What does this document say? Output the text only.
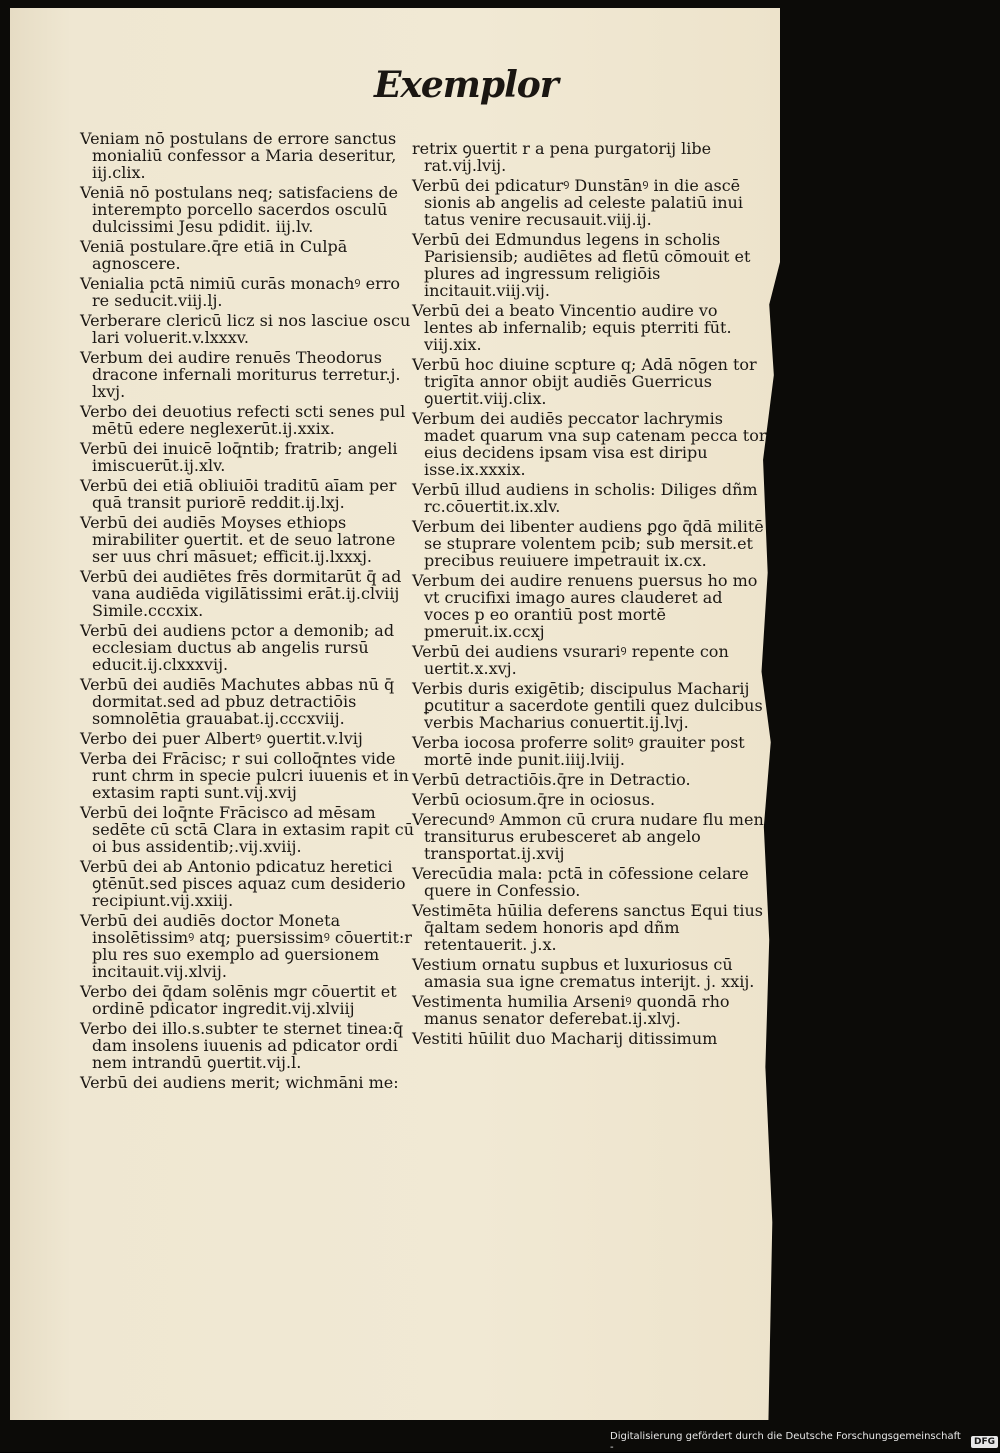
Exemplor
Veniam nō postulans de errore sanctus monialiū confessor a Maria deseritur, iij.clix.
Veniā nō postulans neq; satisfaciens de interempto porcello sacerdos osculū dulcissimi Jesu pdidit. iij.lv.
Veniā postulare.q̄re etiā in Culpā agnoscere.
Venialia pctā nimiū curās monachꝰ erro re seducit.viij.lj.
Verberare clericū licz si nos lasciue oscu lari voluerit.v.lxxxv.
Verbum dei audire renuēs Theodorus dracone infernali moriturus terretur.j. lxvj.
Verbo dei deuotius refecti scti senes pul mētū edere neglexerūt.ij.xxix.
Verbū dei inuicē loq̄ntib; fratrib; angeli imiscuerūt.ij.xlv.
Verbū dei etiā obliuiōi traditū aīam per quā transit puriorē reddit.ij.lxj.
Verbū dei audiēs Moyses ethiops mirabiliter ꝯuertit. et de seuo latrone ser uus chri māsuet; efficit.ij.lxxxj.
Verbū dei audiētes frēs dormitarūt q̄ ad vana audiēda vigilātissimi erāt.ij.clviij Simile.cccxix.
Verbū dei audiens pctor a demonib; ad ecclesiam ductus ab angelis rursū educit.ij.clxxxvij.
Verbū dei audiēs Machutes abbas nū q̄ dormitat.sed ad pbuz detractiōis somnolētia grauabat.ij.cccxviij.
Verbo dei puer Albertꝰ ꝯuertit.v.lvij
Verba dei Frācisc; r sui colloq̄ntes vide runt chrm in specie pulcri iuuenis et in extasim rapti sunt.vij.xvij
Verbū dei loq̄nte Frācisco ad mēsam sedēte cū sctā Clara in extasim rapit cū oi bus assidentib;.vij.xviij.
Verbū dei ab Antonio pdicatuz heretici ꝯtēnūt.sed pisces aquaz cum desiderio recipiunt.vij.xxiij.
Verbū dei audiēs doctor Moneta insolētissimꝰ atq; puersissimꝰ cōuertit:r plu res suo exemplo ad ꝯuersionem incitauit.vij.xlvij.
Verbo dei q̄dam solēnis mgr cōuertit et ordinē pdicator ingredit.vij.xlviij
Verbo dei illo.s.subter te sternet tinea:q̄ dam insolens iuuenis ad pdicator ordi nem intrandū ꝯuertit.vij.l.
Verbū dei audiens merit; wichmāni me:
retrix ꝯuertit r a pena purgatorij libe rat.vij.lvij.
Verbū dei pdicaturꝰ Dunstānꝰ in die ascē sionis ab angelis ad celeste palatiū inui tatus venire recusauit.viij.ij.
Verbū dei Edmundus legens in scholis Parisiensib; audiētes ad fletū cōmouit et plures ad ingressum religiōis incitauit.viij.vij.
Verbū dei a beato Vincentio audire vo lentes ab infernalib; equis pterriti fūt. viij.xix.
Verbū hoc diuine scpture q; Adā nōgen tor trigīta annor obijt audiēs Guerricus ꝯuertit.viij.clix.
Verbum dei audiēs peccator lachrymis madet quarum vna sup catenam pecca tor eius decidens ipsam visa est diripu isse.ix.xxxix.
Verbū illud audiens in scholis: Diliges dñm rc.cōuertit.ix.xlv.
Verbum dei libenter audiens ꝑgo q̄dā militē se stuprare volentem pcib; sub mersit.et precibus reuiuere impetrauit ix.cx.
Verbum dei audire renuens puersus ho mo vt crucifixi imago aures clauderet ad voces p eo orantiū post mortē pmeruit.ix.ccxj
Verbū dei audiens vsurariꝰ repente con uertit.x.xvj.
Verbis duris exigētib; discipulus Macharij ꝑcutitur a sacerdote gentili quez dulcibus verbis Macharius conuertit.ij.lvj.
Verba iocosa proferre solitꝰ grauiter post mortē inde punit.iiij.lviij.
Verbū detractiōis.q̄re in Detractio.
Verbū ociosum.q̄re in ociosus.
Verecundꝰ Ammon cū crura nudare flu men transiturus erubesceret ab angelo transportat.ij.xvij
Verecūdia mala: pctā in cōfessione celare quere in Confessio.
Vestimēta hūilia deferens sanctus Equi tius q̄altam sedem honoris apd dñm retentauerit. j.x.
Vestium ornatu supbus et luxuriosus cū amasia sua igne crematus interijt. j. xxij.
Vestimenta humilia Arseniꝰ quondā rho manus senator deferebat.ij.xlvj.
Vestiti hūilit duo Macharij ditissimum
Digitalisierung gefördert durch die Deutsche Forschungsgemeinschaft -	DFG
